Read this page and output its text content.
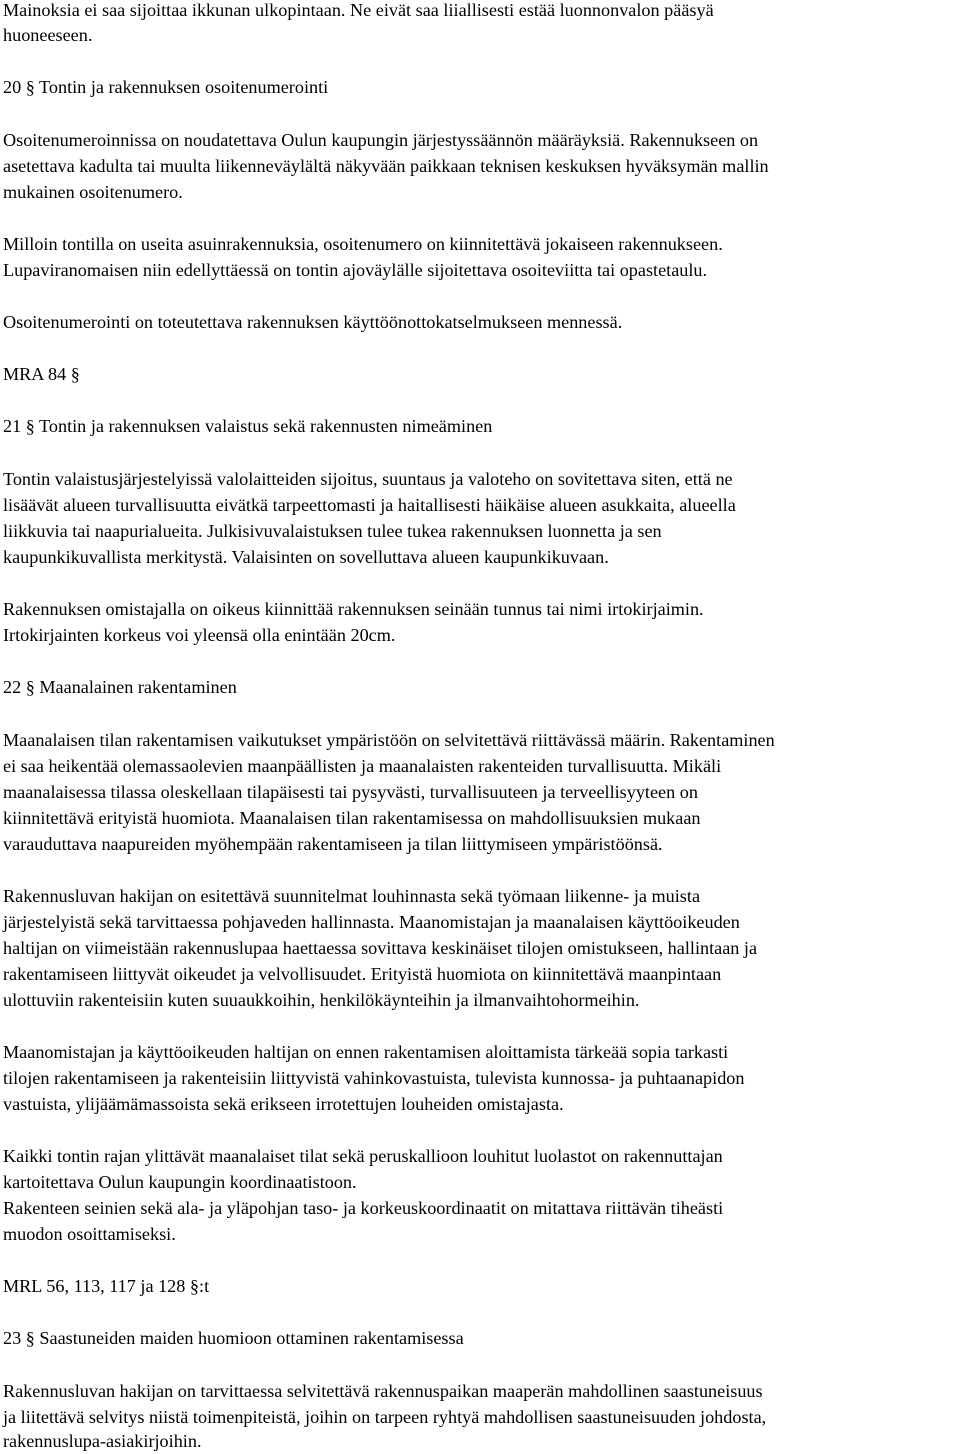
Mainoksia ei saa sijoittaa ikkunan ulkopintaan. Ne eivät saa liiallisesti estää luonnonvalon pääsyä
huoneeseen.
20 § Tontin ja rakennuksen osoitenumerointi
Osoitenumeroinnissa on noudatettava Oulun kaupungin järjestyssäännön määräyksiä. Rakennukseen on
asetettava kadulta tai muulta liikenneväylältä näkyvään paikkaan teknisen keskuksen hyväksymän mallin
mukainen osoitenumero.
Milloin tontilla on useita asuinrakennuksia, osoitenumero on kiinnitettävä jokaiseen rakennukseen.
Lupaviranomaisen niin edellyttäessä on tontin ajoväylälle sijoitettava osoiteviitta tai opastetaulu.
Osoitenumerointi on toteutettava rakennuksen käyttöönottokatselmukseen mennessä.
MRA 84 §
21 § Tontin ja rakennuksen valaistus sekä rakennusten nimeäminen
Tontin valaistusjärjestelyissä valolaitteiden sijoitus, suuntaus ja valoteho on sovitettava siten, että ne
lisäävät alueen turvallisuutta eivätkä tarpeettomasti ja haitallisesti häikäise alueen asukkaita, alueella
liikkuvia tai naapurialueita. Julkisivuvalaistuksen tulee tukea rakennuksen luonnetta ja sen
kaupunkikuvallista merkitystä. Valaisinten on sovelluttava alueen kaupunkikuvaan.
Rakennuksen omistajalla on oikeus kiinnittää rakennuksen seinään tunnus tai nimi irtokirjaimin.
Irtokirjainten korkeus voi yleensä olla enintään 20cm.
22 § Maanalainen rakentaminen
Maanalaisen tilan rakentamisen vaikutukset ympäristöön on selvitettävä riittävässä määrin. Rakentaminen
ei saa heikentää olemassaolevien maanpäällisten ja maanalaisten rakenteiden turvallisuutta. Mikäli
maanalaisessa tilassa oleskellaan tilapäisesti tai pysyvästi, turvallisuuteen ja terveellisyyteen on
kiinnitettävä erityistä huomiota. Maanalaisen tilan rakentamisessa on mahdollisuuksien mukaan
varauduttava naapureiden myöhempään rakentamiseen ja tilan liittymiseen ympäristöönsä.
Rakennusluvan hakijan on esitettävä suunnitelmat louhinnasta sekä työmaan liikenne- ja muista
järjestelyistä sekä tarvittaessa pohjaveden hallinnasta. Maanomistajan ja maanalaisen käyttöoikeuden
haltijan on viimeistään rakennuslupaa haettaessa sovittava keskinäiset tilojen omistukseen, hallintaan ja
rakentamiseen liittyvät oikeudet ja velvollisuudet. Erityistä huomiota on kiinnitettävä maanpintaan
ulottuviin rakenteisiin kuten suuaukkoihin, henkilökäynteihin ja ilmanvaihtohormeihin.
Maanomistajan ja käyttöoikeuden haltijan on ennen rakentamisen aloittamista tärkeää sopia tarkasti
tilojen rakentamiseen ja rakenteisiin liittyvistä vahinkovastuista, tulevista kunnossa- ja puhtaanapidon
vastuista, ylijäämämassoista sekä erikseen irrotettujen louheiden omistajasta.
Kaikki tontin rajan ylittävät maanalaiset tilat sekä peruskallioon louhitut luolastot on rakennuttajan
kartoitettava Oulun kaupungin koordinaatistoon.
Rakenteen seinien sekä ala- ja yläpohjan taso- ja korkeuskoordinaatit on mitattava riittävän tiheästi
muodon osoittamiseksi.
MRL 56, 113, 117 ja 128 §:t
23 § Saastuneiden maiden huomioon ottaminen rakentamisessa
Rakennusluvan hakijan on tarvittaessa selvitettävä rakennuspaikan maaperän mahdollinen saastuneisuus
ja liitettävä selvitys niistä toimenpiteistä, joihin on tarpeen ryhtyä mahdollisen saastuneisuuden johdosta,
rakennuslupa-asiakirjoihin.
